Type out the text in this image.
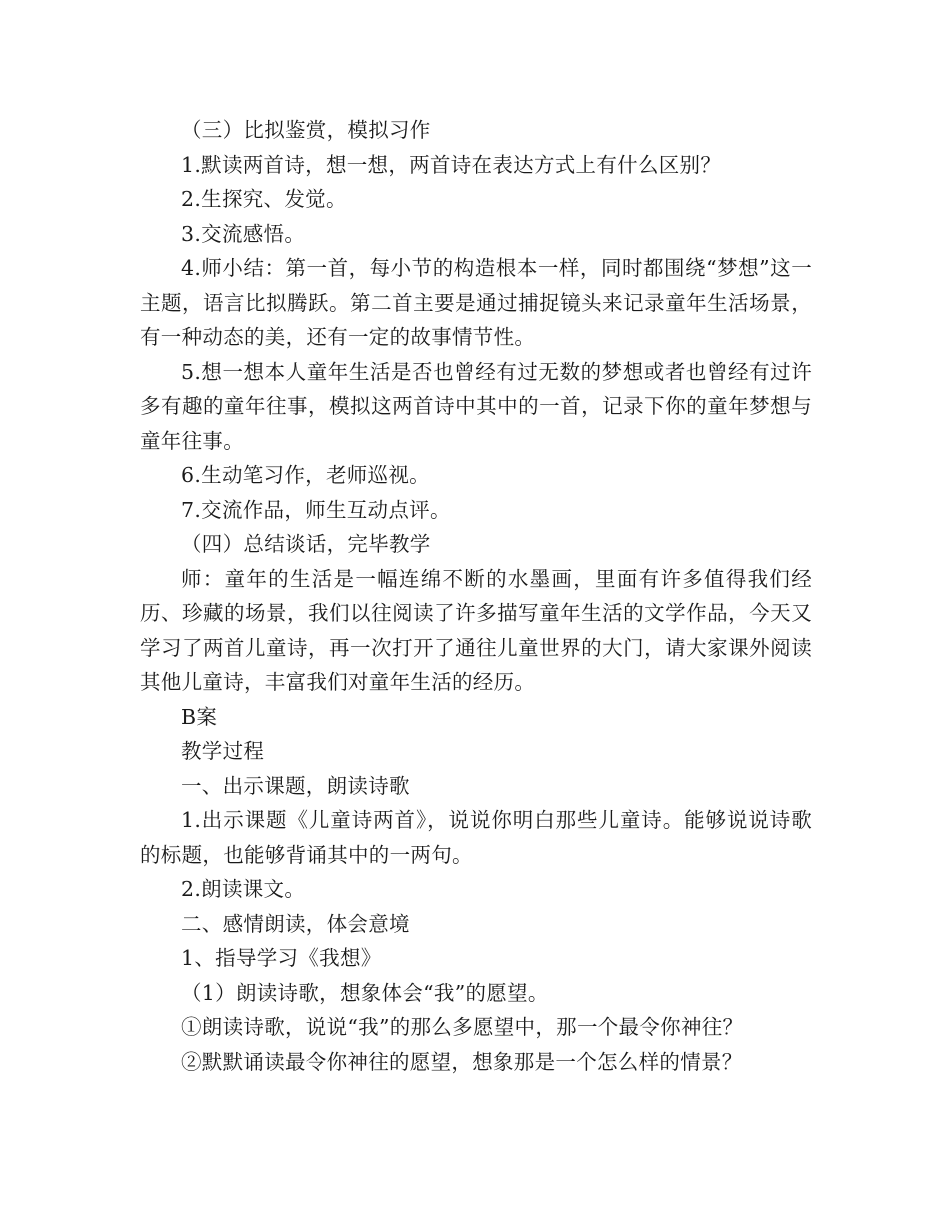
（三）比拟鉴赏，模拟习作

1.默读两首诗，想一想，两首诗在表达方式上有什么区别？

2.生探究、发觉。

3.交流感悟。

4.师小结：第一首，每小节的构造根本一样，同时都围绕“梦想”这一主题，语言比拟腾跃。第二首主要是通过捕捉镜头来记录童年生活场景，有一种动态的美，还有一定的故事情节性。

5.想一想本人童年生活是否也曾经有过无数的梦想或者也曾经有过许多有趣的童年往事，模拟这两首诗中其中的一首，记录下你的童年梦想与童年往事。

6.生动笔习作，老师巡视。

7.交流作品，师生互动点评。

（四）总结谈话，完毕教学

师：童年的生活是一幅连绵不断的水墨画，里面有许多值得我们经历、珍藏的场景，我们以往阅读了许多描写童年生活的文学作品，今天又学习了两首儿童诗，再一次打开了通往儿童世界的大门，请大家课外阅读其他儿童诗，丰富我们对童年生活的经历。

B案

教学过程

一、出示课题，朗读诗歌

1.出示课题《儿童诗两首》，说说你明白那些儿童诗。能够说说诗歌的标题，也能够背诵其中的一两句。

2.朗读课文。

二、感情朗读，体会意境

1、指导学习《我想》

（1）朗读诗歌，想象体会“我”的愿望。

①朗读诗歌，说说“我”的那么多愿望中，那一个最令你神往？

②默默诵读最令你神往的愿望，想象那是一个怎么样的情景？
